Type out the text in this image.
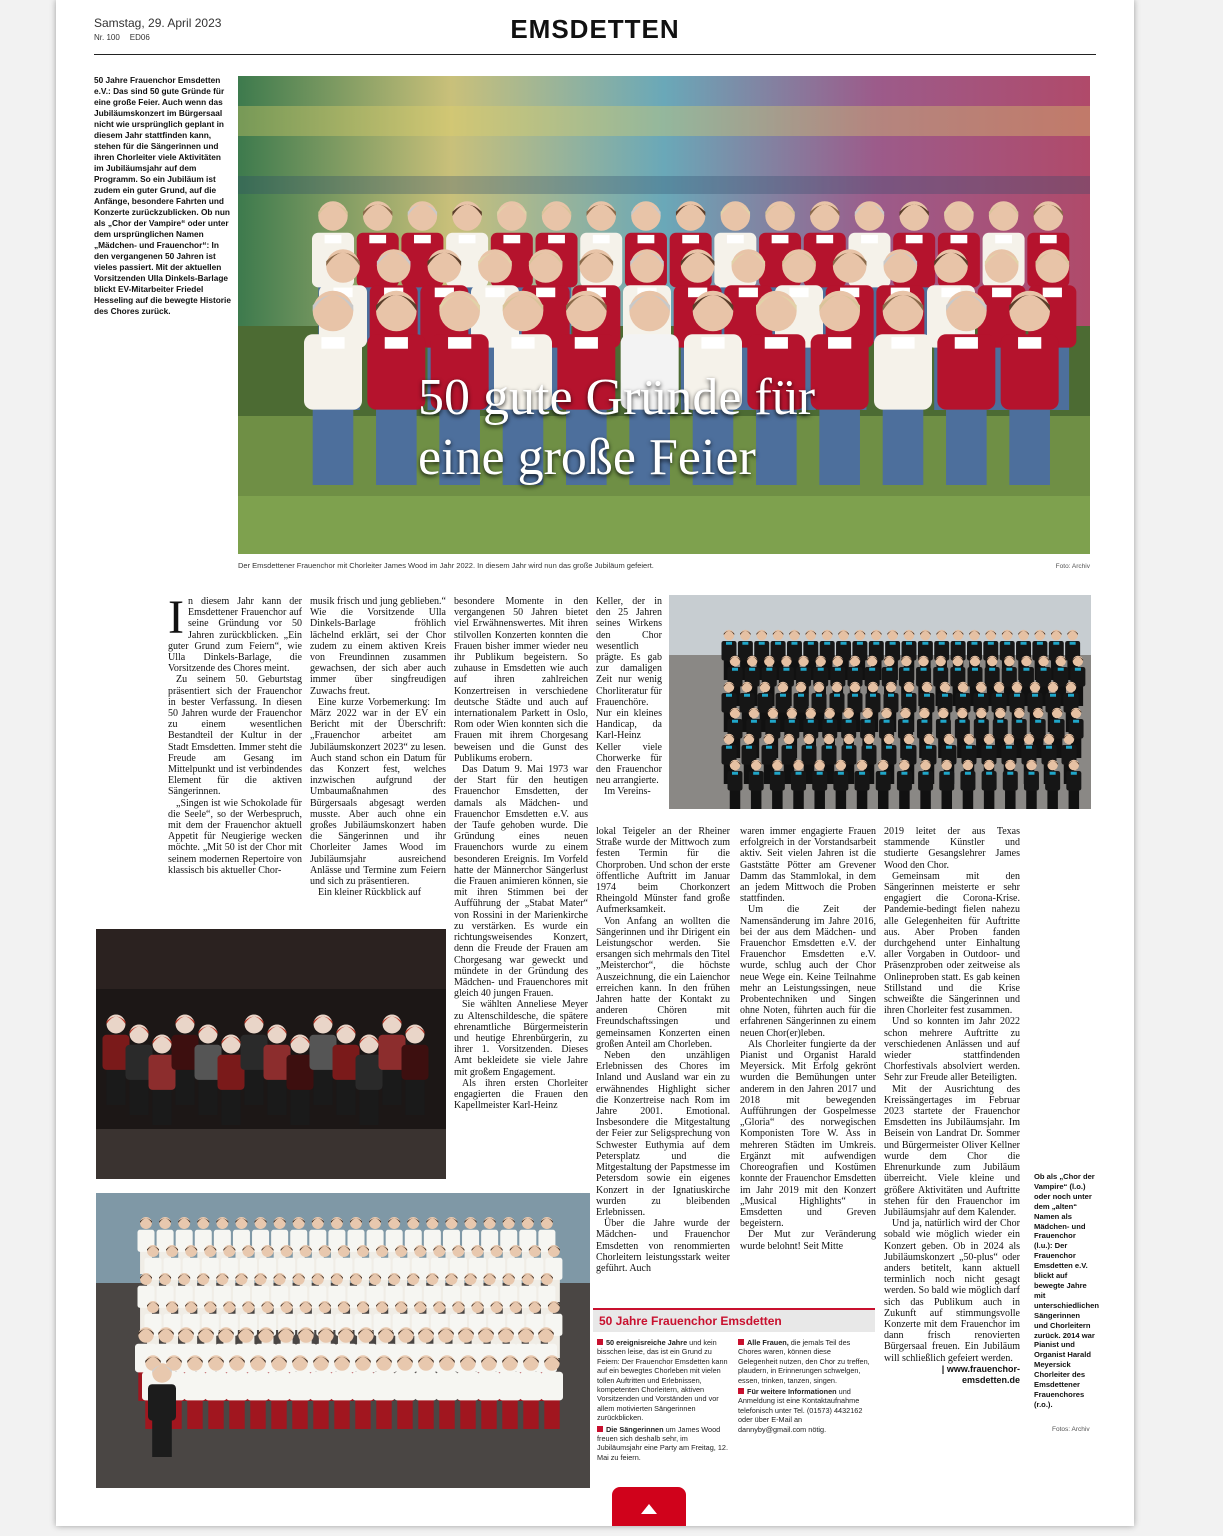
Samstag, 29. April 2023
Nr. 100 ED06	EMSDETTEN
50 Jahre Frauenchor Emsdetten e.V.: Das sind 50 gute Gründe für eine große Feier. Auch wenn das Jubiläumskonzert im Bürgersaal nicht wie ursprünglich geplant in diesem Jahr stattfinden kann, stehen für die Sängerinnen und ihren Chorleiter viele Aktivitäten im Jubiläumsjahr auf dem Programm. So ein Jubiläum ist zudem ein guter Grund, auf die Anfänge, besondere Fahrten und Konzerte zurückzublicken. Ob nun als „Chor der Vampire“ oder unter dem ursprünglichen Namen „Mädchen- und Frauenchor“: In den vergangenen 50 Jahren ist vieles passiert. Mit der aktuellen Vorsitzenden Ulla Dinkels-Barlage blickt EV-Mitarbeiter Friedel Hesseling auf die bewegte Historie des Chores zurück.
50 gute Gründe für
eine große Feier
Der Emsdettener Frauenchor mit Chorleiter James Wood im Jahr 2022. In diesem Jahr wird nun das große Jubiläum gefeiert.	Foto: Archiv

In diesem Jahr kann der Emsdettener Frauenchor auf seine Gründung vor 50 Jahren zurückblicken. „Ein guter Grund zum Feiern“, wie Ulla Dinkels-Barlage, die Vorsitzende des Chores meint.

Zu seinem 50. Geburtstag präsentiert sich der Frauenchor in bester Verfassung. In diesen 50 Jahren wurde der Frauenchor zu einem wesentlichen Bestandteil der Kultur in der Stadt Emsdetten. Immer steht die Freude am Gesang im Mittelpunkt und ist verbindendes Element für die aktiven Sängerinnen.

„Singen ist wie Schokolade für die Seele“, so der Werbespruch, mit dem der Frauenchor aktuell Appetit für Neugierige wecken möchte. „Mit 50 ist der Chor mit seinem modernen Repertoire von klassisch bis aktueller Chor-

musik frisch und jung geblieben.“ Wie die Vorsitzende Ulla Dinkels-Barlage fröhlich lächelnd erklärt, sei der Chor zudem zu einem aktiven Kreis von Freundinnen zusammen gewachsen, der sich aber auch immer über singfreudigen Zuwachs freut.

Eine kurze Vorbemerkung: Im März 2022 war in der EV ein Bericht mit der Überschrift: „Frauenchor arbeitet am Jubiläumskonzert 2023“ zu lesen. Auch stand schon ein Datum für das Konzert fest, welches inzwischen aufgrund der Umbaumaßnahmen des Bürgersaals abgesagt werden musste. Aber auch ohne ein großes Jubiläumskonzert haben die Sängerinnen und ihr Chorleiter James Wood im Jubiläumsjahr ausreichend Anlässe und Termine zum Feiern und sich zu präsentieren.

Ein kleiner Rückblick auf

besondere Momente in den vergangenen 50 Jahren bietet viel Erwähnenswertes. Mit ihren stilvollen Konzerten konnten die Frauen bisher immer wieder neu ihr Publikum begeistern. So zuhause in Emsdetten wie auch auf ihren zahlreichen Konzertreisen in verschiedene deutsche Städte und auch auf internationalem Parkett in Oslo, Rom oder Wien konnten sich die Frauen mit ihrem Chorgesang beweisen und die Gunst des Publikums erobern.

Das Datum 9. Mai 1973 war der Start für den heutigen Frauenchor Emsdetten, der damals als Mädchen- und Frauenchor Emsdetten e.V. aus der Taufe gehoben wurde. Die Gründung eines neuen Frauenchors wurde zu einem besonderen Ereignis. Im Vorfeld hatte der Männerchor Sängerlust die Frauen animieren können, sie mit ihren Stimmen bei der Aufführung der „Stabat Mater“ von Rossini in der Marienkirche zu verstärken. Es wurde ein richtungsweisendes Konzert, denn die Freude der Frauen am Chorgesang war geweckt und mündete in der Gründung des Mädchen- und Frauenchores mit gleich 40 jungen Frauen.

Sie wählten Anneliese Meyer zu Altenschildesche, die spätere ehrenamtliche Bürgermeisterin und heutige Ehrenbürgerin, zu ihrer 1. Vorsitzenden. Dieses Amt bekleidete sie viele Jahre mit großem Engagement.

Als ihren ersten Chorleiter engagierten die Frauen den Kapellmeister Karl-Heinz

Keller, der in den 25 Jahren seines Wirkens den Chor wesentlich prägte. Es gab zur damaligen Zeit nur wenig Chorliteratur für Frauenchöre. Nur ein kleines Handicap, da Karl-Heinz Keller viele Chorwerke für den Frauenchor neu arrangierte.

Im Vereins-

lokal Teigeler an der Rheiner Straße wurde der Mittwoch zum festen Termin für die Chorproben. Und schon der erste öffentliche Auftritt im Januar 1974 beim Chorkonzert Rheingold Münster fand große Aufmerksamkeit.

Von Anfang an wollten die Sängerinnen und ihr Dirigent ein Leistungschor werden. Sie ersangen sich mehrmals den Titel „Meisterchor“, die höchste Auszeichnung, die ein Laienchor erreichen kann. In den frühen Jahren hatte der Kontakt zu anderen Chören mit Freundschaftssingen und gemeinsamen Konzerten einen großen Anteil am Chorleben.

Neben den unzähligen Erlebnissen des Chores im Inland und Ausland war ein zu erwähnendes Highlight sicher die Konzertreise nach Rom im Jahre 2001. Emotional. Insbesondere die Mitgestaltung der Feier zur Seligsprechung von Schwester Euthymia auf dem Petersplatz und die Mitgestaltung der Papstmesse im Petersdom sowie ein eigenes Konzert in der Ignatiuskirche wurden zu bleibenden Erlebnissen.

Über die Jahre wurde der Mädchen- und Frauenchor Emsdetten von renommierten Chorleitern leistungsstark weiter geführt. Auch

waren immer engagierte Frauen erfolgreich in der Vorstandsarbeit aktiv. Seit vielen Jahren ist die Gaststätte Pötter am Grevener Damm das Stammlokal, in dem an jedem Mittwoch die Proben stattfinden.

Um die Zeit der Namensänderung im Jahre 2016, bei der aus dem Mädchen- und Frauenchor Emsdetten e.V. der Frauenchor Emsdetten e.V. wurde, schlug auch der Chor neue Wege ein. Keine Teilnahme mehr an Leistungssingen, neue Probentechniken und Singen ohne Noten, führten auch für die erfahrenen Sängerinnen zu einem neuen Chor(er)leben.

Als Chorleiter fungierte da der Pianist und Organist Harald Meyersick. Mit Erfolg gekrönt wurden die Bemühungen unter anderem in den Jahren 2017 und 2018 mit bewegenden Aufführungen der Gospelmesse „Gloria“ des norwegischen Komponisten Tore W. Ass in mehreren Städten im Umkreis. Ergänzt mit aufwendigen Choreografien und Kostümen konnte der Frauenchor Emsdetten im Jahr 2019 mit den Konzert „Musical Highlights“ in Emsdetten und Greven begeistern.

Der Mut zur Veränderung wurde belohnt! Seit Mitte

2019 leitet der aus Texas stammende Künstler und studierte Gesangslehrer James Wood den Chor.

Gemeinsam mit den Sängerinnen meisterte er sehr engagiert die Corona-Krise. Pandemie-bedingt fielen nahezu alle Gelegenheiten für Auftritte aus. Aber Proben fanden durchgehend unter Einhaltung aller Vorgaben in Outdoor- und Präsenzproben oder zeitweise als Onlineproben statt. Es gab keinen Stillstand und die Krise schweißte die Sängerinnen und ihren Chorleiter fest zusammen.

Und so konnten im Jahr 2022 schon mehrere Auftritte zu verschiedenen Anlässen und auf wieder stattfindenden Chorfestivals absolviert werden. Sehr zur Freude aller Beteiligten.

Mit der Ausrichtung des Kreissängertages im Februar 2023 startete der Frauenchor Emsdetten ins Jubiläumsjahr. Im Beisein von Landrat Dr. Sommer und Bürgermeister Oliver Kellner wurde dem Chor die Ehrenurkunde zum Jubiläum überreicht. Viele kleine und größere Aktivitäten und Auftritte stehen für den Frauenchor im Jubiläumsjahr auf dem Kalender.

Und ja, natürlich wird der Chor sobald wie möglich wieder ein Konzert geben. Ob in 2024 als Jubiläumskonzert „50-plus“ oder anders betitelt, kann aktuell terminlich noch nicht gesagt werden. So bald wie möglich darf sich das Publikum auch in Zukunft auf stimmungsvolle Konzerte mit dem Frauenchor im dann frisch renovierten Bürgersaal freuen. Ein Jubiläum will schließlich gefeiert werden.

| www.frauenchor-emsdetten.de
50 Jahre Frauenchor Emsdetten
50 ereignisreiche Jahre und kein bisschen leise, das ist ein Grund zu Feiern: Der Frauenchor Emsdetten kann auf ein bewegtes Chorleben mit vielen tollen Auftritten und Erlebnissen, kompetenten Chorleitern, aktiven Vorsitzenden und Vorständen und vor allem motivierten Sängerinnen zurückblicken.
Die Sängerinnen um James Wood freuen sich deshalb sehr, im Jubiläumsjahr eine Party am Freitag, 12. Mai zu feiern.
Alle Frauen, die jemals Teil des Chores waren, können diese Gelegenheit nutzen, den Chor zu treffen, plaudern, in Erinnerungen schwelgen, essen, trinken, tanzen, singen.
Für weitere Informationen und Anmeldung ist eine Kontaktaufnahme telefonisch unter Tel. (01573) 4432162 oder über E-Mail an dannyby@gmail.com nötig.
Ob als „Chor der Vampire“ (l.o.) oder noch unter dem „alten“ Namen als Mädchen- und Frauenchor (l.u.): Der Frauenchor Emsdetten e.V. blickt auf bewegte Jahre mit unterschiedlichen Sängerinnen und Chorleitern zurück. 2014 war Pianist und Organist Harald Meyersick Chorleiter des Emsdettener Frauenchores (r.o.).
Fotos: Archiv
